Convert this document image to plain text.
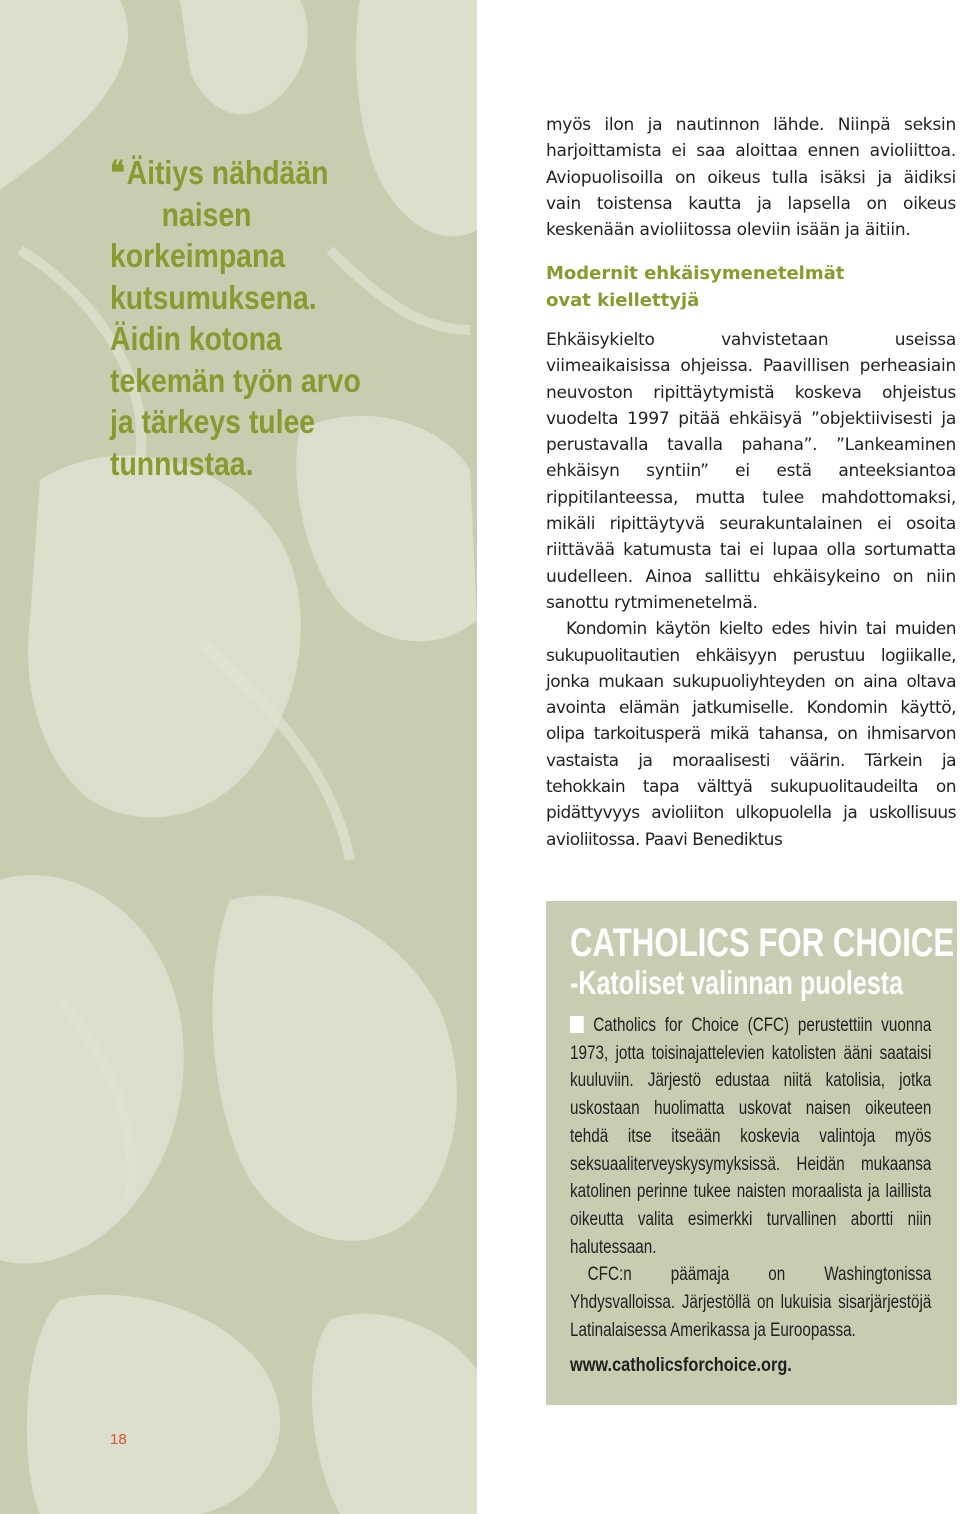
❛❛ Äitiys nähdään
naisen
korkeimpana
kutsumuksena.
Äidin kotona
tekemän työn arvo
ja tärkeys tulee
tunnustaa.

18

myös ilon ja nautinnon lähde. Niinpä seksin harjoittamista ei saa aloittaa ennen avioliittoa. Aviopuolisoilla on oikeus tulla isäksi ja äidiksi vain toistensa kautta ja lapsella on oikeus keskenään avioliitossa oleviin isään ja äitiin.

Modernit ehkäisymenetelmät
ovat kiellettyjä

Ehkäisykielto vahvistetaan useissa viimeaikaisissa ohjeissa. Paavillisen perheasiain neuvoston ripittäytymistä koskeva ohjeistus vuodelta 1997 pitää ehkäisyä ”objektiivisesti ja perustavalla tavalla pahana”. ”Lankeaminen ehkäisyn syntiin” ei estä anteeksiantoa rippitilanteessa, mutta tulee mahdottomaksi, mikäli ripittäytyvä seurakuntalainen ei osoita riittävää katumusta tai ei lupaa olla sortumatta uudelleen. Ainoa sallittu ehkäisykeino on niin sanottu rytmimenetelmä.

Kondomin käytön kielto edes hivin tai muiden sukupuolitautien ehkäisyyn perustuu logiikalle, jonka mukaan sukupuoliyhteyden on aina oltava avointa elämän jatkumiselle. Kondomin käyttö, olipa tarkoitusperä mikä tahansa, on ihmisarvon vastaista ja moraalisesti väärin. Tärkein ja tehokkain tapa välttyä sukupuolitaudeilta on pidättyvyys avioliiton ulkopuolella ja uskollisuus avioliitossa. Paavi Benediktus

CATHOLICS FOR CHOICE
-Katoliset valinnan puolesta

Catholics for Choice (CFC) perustettiin vuonna 1973, jotta toisinajattelevien katolisten ääni saataisi kuuluviin. Järjestö edustaa niitä katolisia, jotka uskostaan huolimatta uskovat naisen oikeuteen tehdä itse itseään koskevia valintoja myös seksuaaliterveyskysymyksissä. Heidän mukaansa katolinen perinne tukee naisten moraalista ja laillista oikeutta valita esimerkki turvallinen abortti niin halutessaan.

CFC:n päämaja on Washingtonissa Yhdysvalloissa. Järjestöllä on lukuisia sisarjärjestöjä Latinalaisessa Amerikassa ja Euroopassa.

www.catholicsforchoice.org.
